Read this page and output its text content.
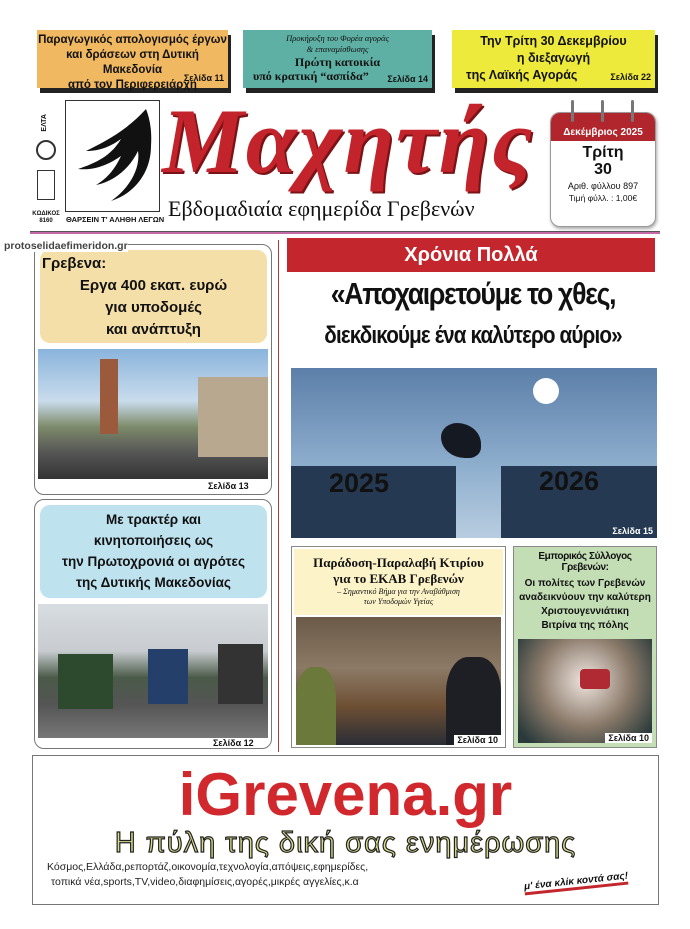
Παραγωγικός απολογισμός έργων
και δράσεων στη Δυτική Μακεδονία
από τον Περιφερειάρχη
Σελίδα 11
Προκήρυξη του Φορέα αγοράς
& επαναμίσθωσης
Πρώτη κατοικία
υπό κρατική “ασπίδα”	Σελίδα 14
Την Τρίτη 30 Δεκεμβρίου
η διεξαγωγή
της Λαϊκής Αγοράς	Σελίδα 22
ΕΛΤΑ
ΚΩΔΙΚΟΣ
8160	ΘΑΡΣΕΙΝ Τ' ΑΛΗΘΗ ΛΕΓΩΝ
Μαχητής
Εβδομαδιαία εφημερίδα Γρεβενών
Δεκέμβριος 2025
Τρίτη
30
Αριθ. φύλλου 897
Τιμή φύλλ. : 1,00€
protoselidaefimeridon.gr
Γρεβενα:
Εργα 400 εκατ. ευρώ
για υποδομές
και ανάπτυξη
Σελίδα 13
Με τρακτέρ και
κινητοποιήσεις ως
την Πρωτοχρονιά οι αγρότες
της Δυτικής Μακεδονίας
Σελίδα 12
Χρόνια Πολλά
«Αποχαιρετούμε το χθες,
διεκδικούμε ένα καλύτερο αύριο»
2025	2026
Σελίδα 15
Παράδοση-Παραλαβή Κτιρίου
για το ΕΚΑΒ Γρεβενών
– Σημαντικό Βήμα για την Αναβάθμιση
των Υποδομών Υγείας
Σελίδα 10
Εμπορικός Σύλλογος Γρεβενών:
Οι πολίτες των Γρεβενών
αναδεικνύουν την καλύτερη
Χριστουγεννιάτικη
Βιτρίνα της πόλης
Σελίδα 10
iGrevena.gr
Η πύλη της δική σας ενημέρωσης
Κόσμος,Ελλάδα,ρεπορτάζ,οικονομία,τεχνολογία,απόψεις,εφημερίδες,
τοπικά νέα,sports,TV,video,διαφημίσεις,αγορές,μικρές αγγελίες,κ.α	μ' ένα κλίκ κοντά σας!
